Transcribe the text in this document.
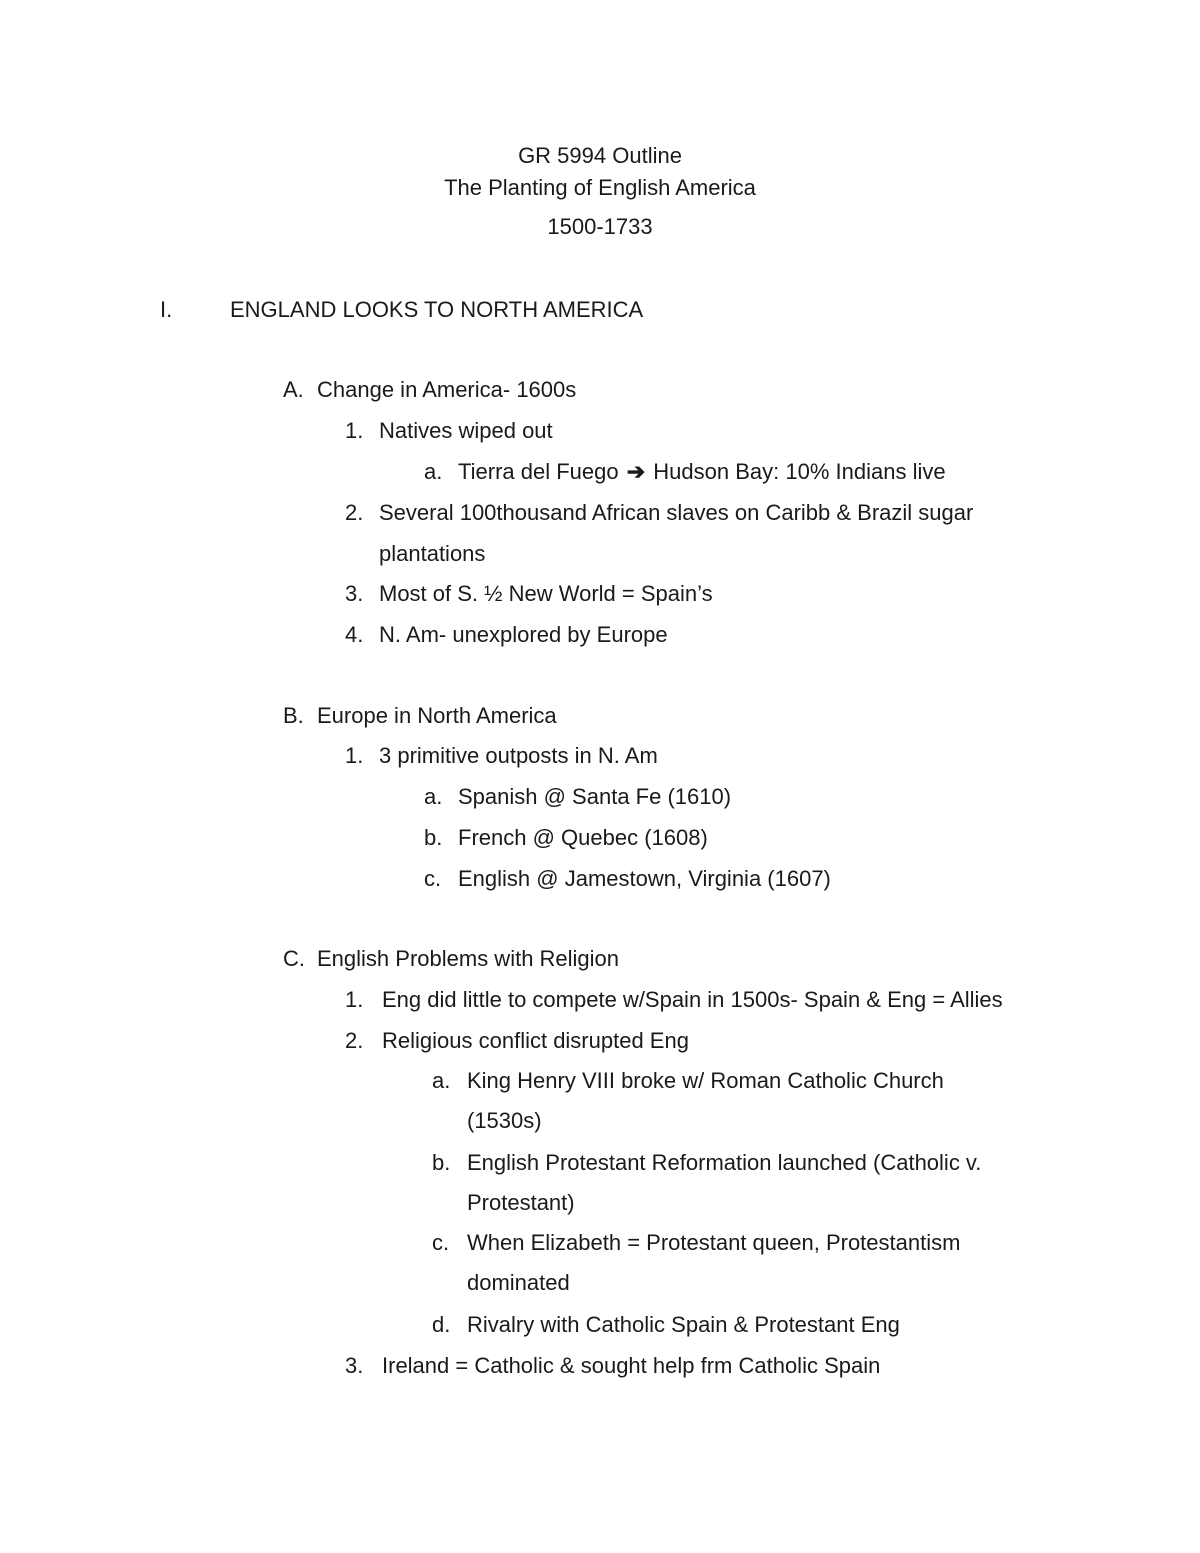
GR 5994 Outline
The Planting of English America
1500-1733
I.	ENGLAND LOOKS TO NORTH AMERICA
A. Change in America- 1600s
1. Natives wiped out
a. Tierra del Fuego ➔ Hudson Bay: 10% Indians live
2. Several 100thousand African slaves on Caribb & Brazil sugar
plantations
3. Most of S. ½ New World = Spain’s
4. N. Am- unexplored by Europe
B. Europe in North America
1. 3 primitive outposts in N. Am
a. Spanish @ Santa Fe (1610)
b. French @ Quebec (1608)
c. English @ Jamestown, Virginia (1607)
C. English Problems with Religion
1. Eng did little to compete w/Spain in 1500s- Spain & Eng = Allies
2. Religious conflict disrupted Eng
a. King Henry VIII broke w/ Roman Catholic Church
(1530s)
b. English Protestant Reformation launched (Catholic v.
Protestant)
c. When Elizabeth = Protestant queen, Protestantism
dominated
d. Rivalry with Catholic Spain & Protestant Eng
3. Ireland = Catholic & sought help frm Catholic Spain
